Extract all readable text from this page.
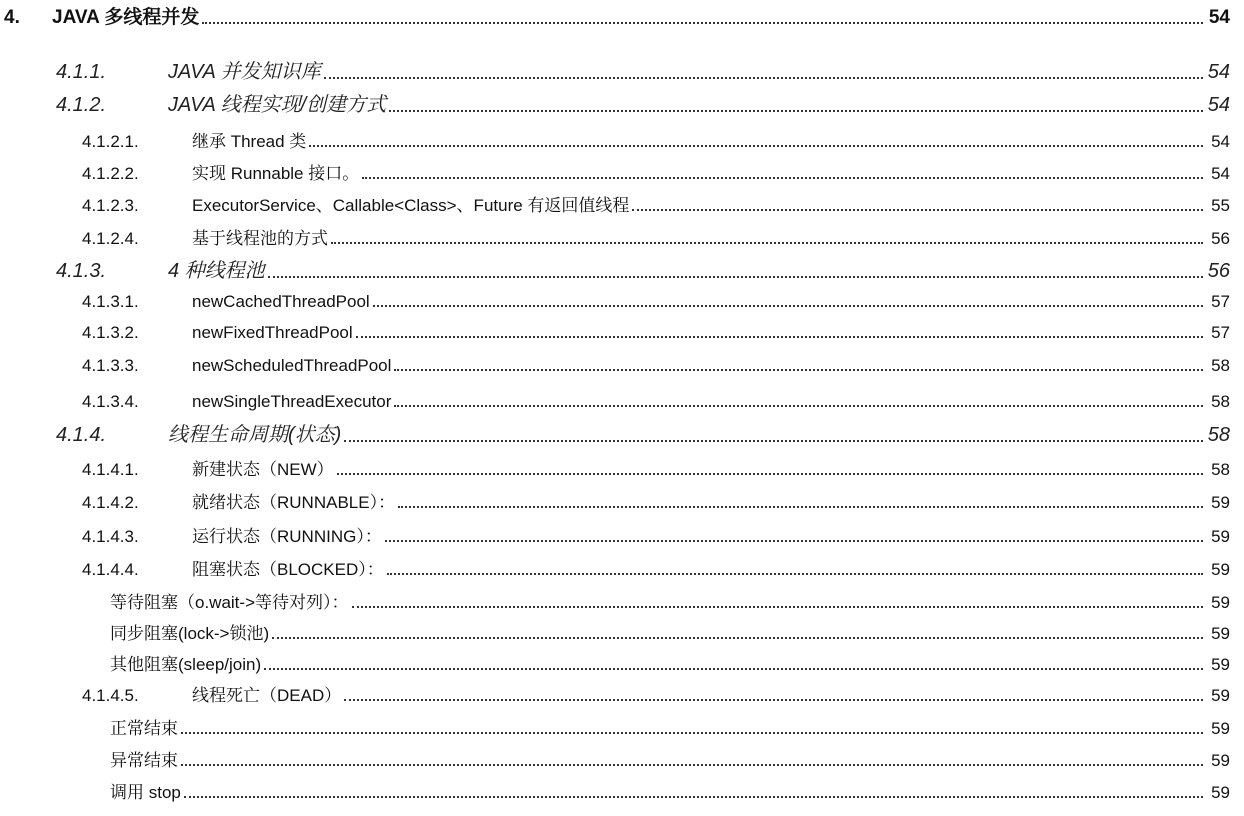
4.	JAVA 多线程并发	54
4.1.1.	JAVA 并发知识库	54
4.1.2.	JAVA 线程实现/创建方式	54
4.1.2.1.	继承 Thread 类	54
4.1.2.2.	实现 Runnable 接口。	54
4.1.2.3.	ExecutorService、Callable<Class>、Future 有返回值线程	55
4.1.2.4.	基于线程池的方式	56
4.1.3.	4 种线程池	56
4.1.3.1.	newCachedThreadPool	57
4.1.3.2.	newFixedThreadPool	57
4.1.3.3.	newScheduledThreadPool	58
4.1.3.4.	newSingleThreadExecutor	58
4.1.4.	线程生命周期(状态)	58
4.1.4.1.	新建状态（NEW）	58
4.1.4.2.	就绪状态（RUNNABLE）：	59
4.1.4.3.	运行状态（RUNNING）：	59
4.1.4.4.	阻塞状态（BLOCKED）：	59
等待阻塞（o.wait->等待对列）：	59
同步阻塞(lock->锁池)	59
其他阻塞(sleep/join)	59
4.1.4.5.	线程死亡（DEAD）	59
正常结束	59
异常结束	59
调用 stop	59
